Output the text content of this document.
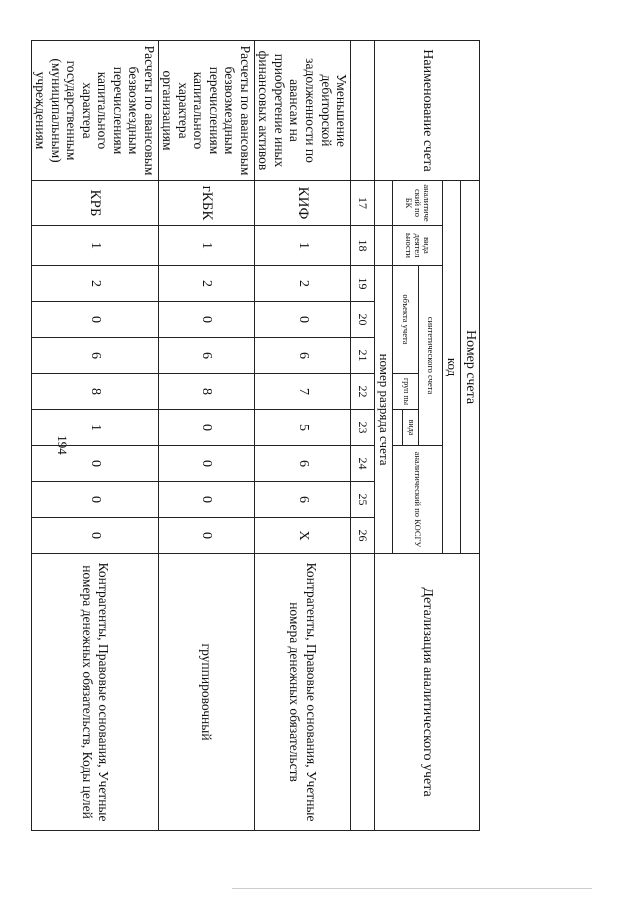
194
Наименование счета	Номер счета										Детализация аналитического учета
	код										
	аналитиче ский по БК	вида деятел ьности	синтетического счета					аналитический по КОСГУ			
			объекта учета			груп пы	вида				

			номер разряда счета								
	17	18	19	20	21	22	23	24	25	26	
Уменьшение дебиторской задолженности по авансам на приобретение иных финансовых активов	КИФ	1	2	0	6	7	5	6	6	X	Контрагенты, Правовые основания, Учетные номера денежных обязательств
Расчеты по авансовым безвозмездным перечислениям капитального характера организациям	гКБК	1	2	0	6	8	0	0	0	0	группировочный
Расчеты по авансовым безвозмездным перечислениям капитального характера государственным (муниципальным) учреждениям	КРБ	1	2	0	6	8	1	0	0	0	Контрагенты, Правовые основания, Учетные номера денежных обязательств, Коды целей
